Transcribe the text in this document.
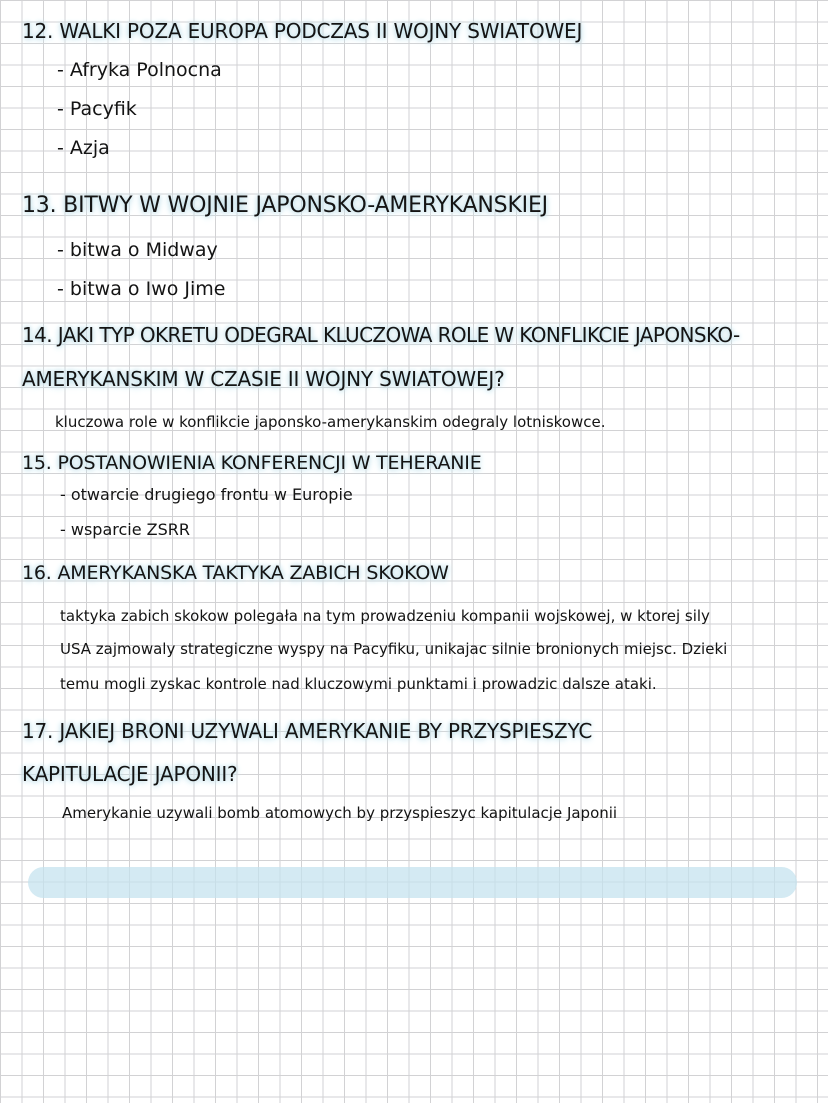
12. WALKI POZA EUROPA PODCZAS II WOJNY SWIATOWEJ
- Afryka Polnocna
- Pacyfik
- Azja
13. BITWY W WOJNIE JAPONSKO-AMERYKANSKIEJ
- bitwa o Midway
- bitwa o Iwo Jime
14. JAKI TYP OKRETU ODEGRAL KLUCZOWA ROLE W KONFLIKCIE JAPONSKO-
AMERYKANSKIM W CZASIE II WOJNY SWIATOWEJ?
kluczowa role w konflikcie japonsko-amerykanskim odegraly lotniskowce.
15. POSTANOWIENIA KONFERENCJI W TEHERANIE
- otwarcie drugiego frontu w Europie
- wsparcie ZSRR
16. AMERYKANSKA TAKTYKA ZABICH SKOKOW
taktyka zabich skokow polegała na tym prowadzeniu kompanii wojskowej, w ktorej sily
USA zajmowaly strategiczne wyspy na Pacyfiku, unikajac silnie bronionych miejsc. Dzieki
temu mogli zyskac kontrole nad kluczowymi punktami i prowadzic dalsze ataki.
17. JAKIEJ BRONI UZYWALI AMERYKANIE BY PRZYSPIESZYC
KAPITULACJE JAPONII?
Amerykanie uzywali bomb atomowych by przyspieszyc kapitulacje Japonii
